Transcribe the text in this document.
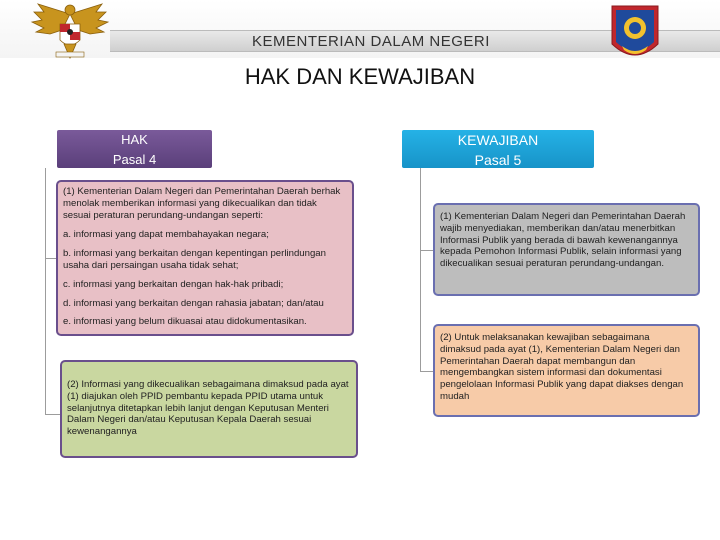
KEMENTERIAN DALAM NEGERI
HAK DAN KEWAJIBAN
HAK
Pasal 4
KEWAJIBAN
Pasal 5
(1) Kementerian Dalam Negeri dan Pemerintahan Daerah berhak menolak memberikan informasi yang dikecualikan dan tidak sesuai peraturan perundang-undangan seperti:
a. informasi yang dapat membahayakan negara;
b. informasi yang berkaitan dengan kepentingan perlindungan usaha dari persaingan usaha tidak sehat;
c. informasi yang berkaitan dengan hak-hak pribadi;
d. informasi yang berkaitan dengan rahasia jabatan; dan/atau
e. informasi yang belum dikuasai atau didokumentasikan.
(2) Informasi yang dikecualikan sebagaimana dimaksud pada ayat (1) diajukan oleh PPID pembantu kepada PPID utama untuk selanjutnya ditetapkan lebih lanjut dengan Keputusan Menteri Dalam Negeri dan/atau Keputusan Kepala Daerah sesuai kewenangannya
(1) Kementerian Dalam Negeri dan Pemerintahan Daerah wajib menyediakan, memberikan dan/atau menerbitkan Informasi Publik yang berada di bawah kewenangannya kepada Pemohon Informasi Publik, selain informasi yang dikecualikan sesuai peraturan perundang-undangan.
(2) Untuk melaksanakan kewajiban sebagaimana dimaksud pada ayat (1), Kementerian Dalam Negeri dan Pemerintahan Daerah dapat membangun dan mengembangkan sistem informasi dan dokumentasi pengelolaan Informasi Publik yang dapat diakses dengan mudah
